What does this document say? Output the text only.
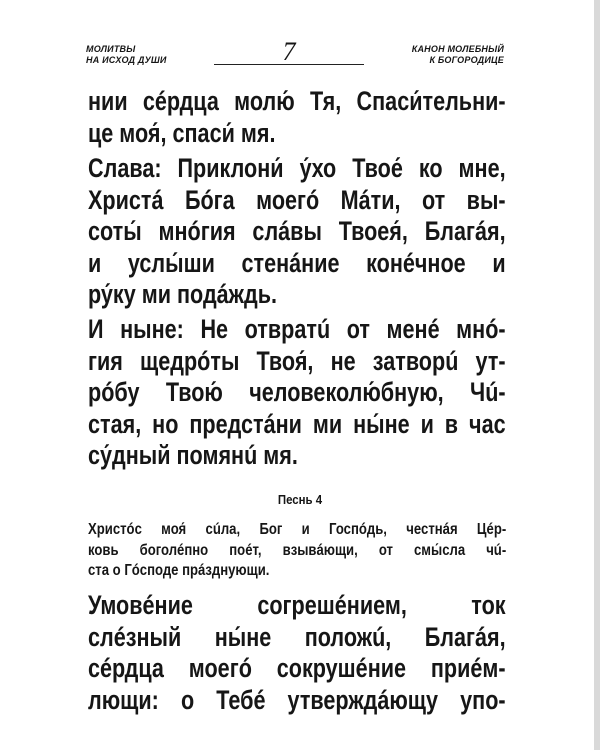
МОЛИТВЫ
НА ИСХОД ДУШИ	7	КАНОН МОЛЕБНЫЙ
К БОГОРОДИЦЕ
нии сéрдца молю́ Тя, Спаси́тельни-
це моя́, спаси́ мя.
Слава: Приклони́ у́хо Твое́ ко мне,
Христá Бóга моегó Мáти, от вы-
соты́ мнóгия слáвы Твоея́, Благáя,
и услы́ши стенáние конéчное и
ру́ку ми подáждь.
И ныне: Не отвратú от менé мнó-
гия щедрóты Твоя́, не затворú ут-
рóбу Твою́ человеколю́бную, Чú-
стая, но предстáни ми ны́не и в час
су́дный помянú мя.
Песнь 4
Христóс моя́ сúла, Бог и Госпóдь, честнáя Цéр-
ковь боголéпно поéт, взывáющи, от смы́сла чú-
ста о Гóсподе прáзднующи.
Умовéние согрешéнием, ток
слéзный ны́не положú, Благáя,
сéрдца моегó сокрушéние приéм-
лющи: о Тебé утверждáющу упо-
